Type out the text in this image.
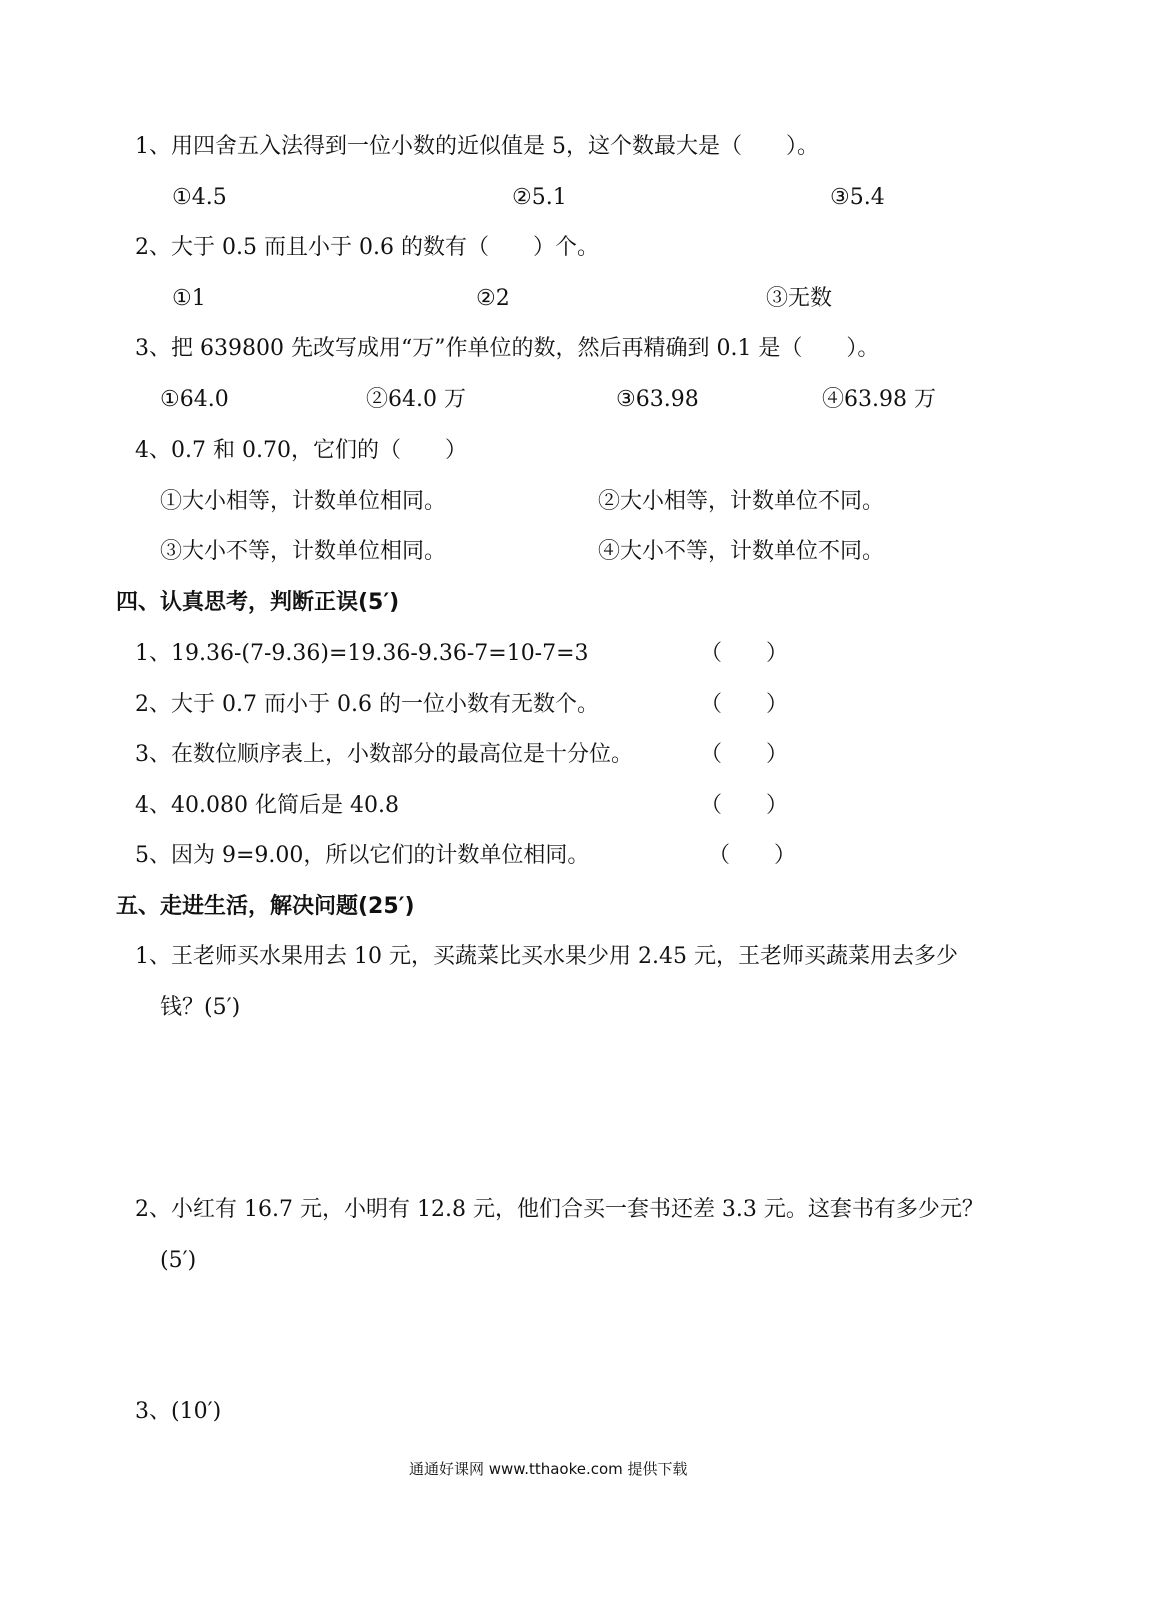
1、用四舍五入法得到一位小数的近似值是 5，这个数最大是（　　）。
①4.5	②5.1	③5.4
2、大于 0.5 而且小于 0.6 的数有（　　）个。
①1	②2	③无数
3、把 639800 先改写成用“万”作单位的数，然后再精确到 0.1 是（　　）。
①64.0	②64.0 万	③63.98	④63.98 万
4、0.7 和 0.70，它们的（　　）
①大小相等，计数单位相同。	②大小相等，计数单位不同。
③大小不等，计数单位相同。	④大小不等，计数单位不同。
四、认真思考，判断正误(5′)
1、19.36-(7-9.36)=19.36-9.36-7=10-7=3	（　　）
2、大于 0.7 而小于 0.6 的一位小数有无数个。	（　　）
3、在数位顺序表上，小数部分的最高位是十分位。	（　　）
4、40.080 化简后是 40.8	（　　）
5、因为 9=9.00，所以它们的计数单位相同。	（　　）
五、走进生活，解决问题(25′)
1、王老师买水果用去 10 元，买蔬菜比买水果少用 2.45 元，王老师买蔬菜用去多少
钱？(5′)
2、小红有 16.7 元，小明有 12.8 元，他们合买一套书还差 3.3 元。这套书有多少元？
(5′)
3、(10′)
通通好课网 www.tthaoke.com 提供下载
